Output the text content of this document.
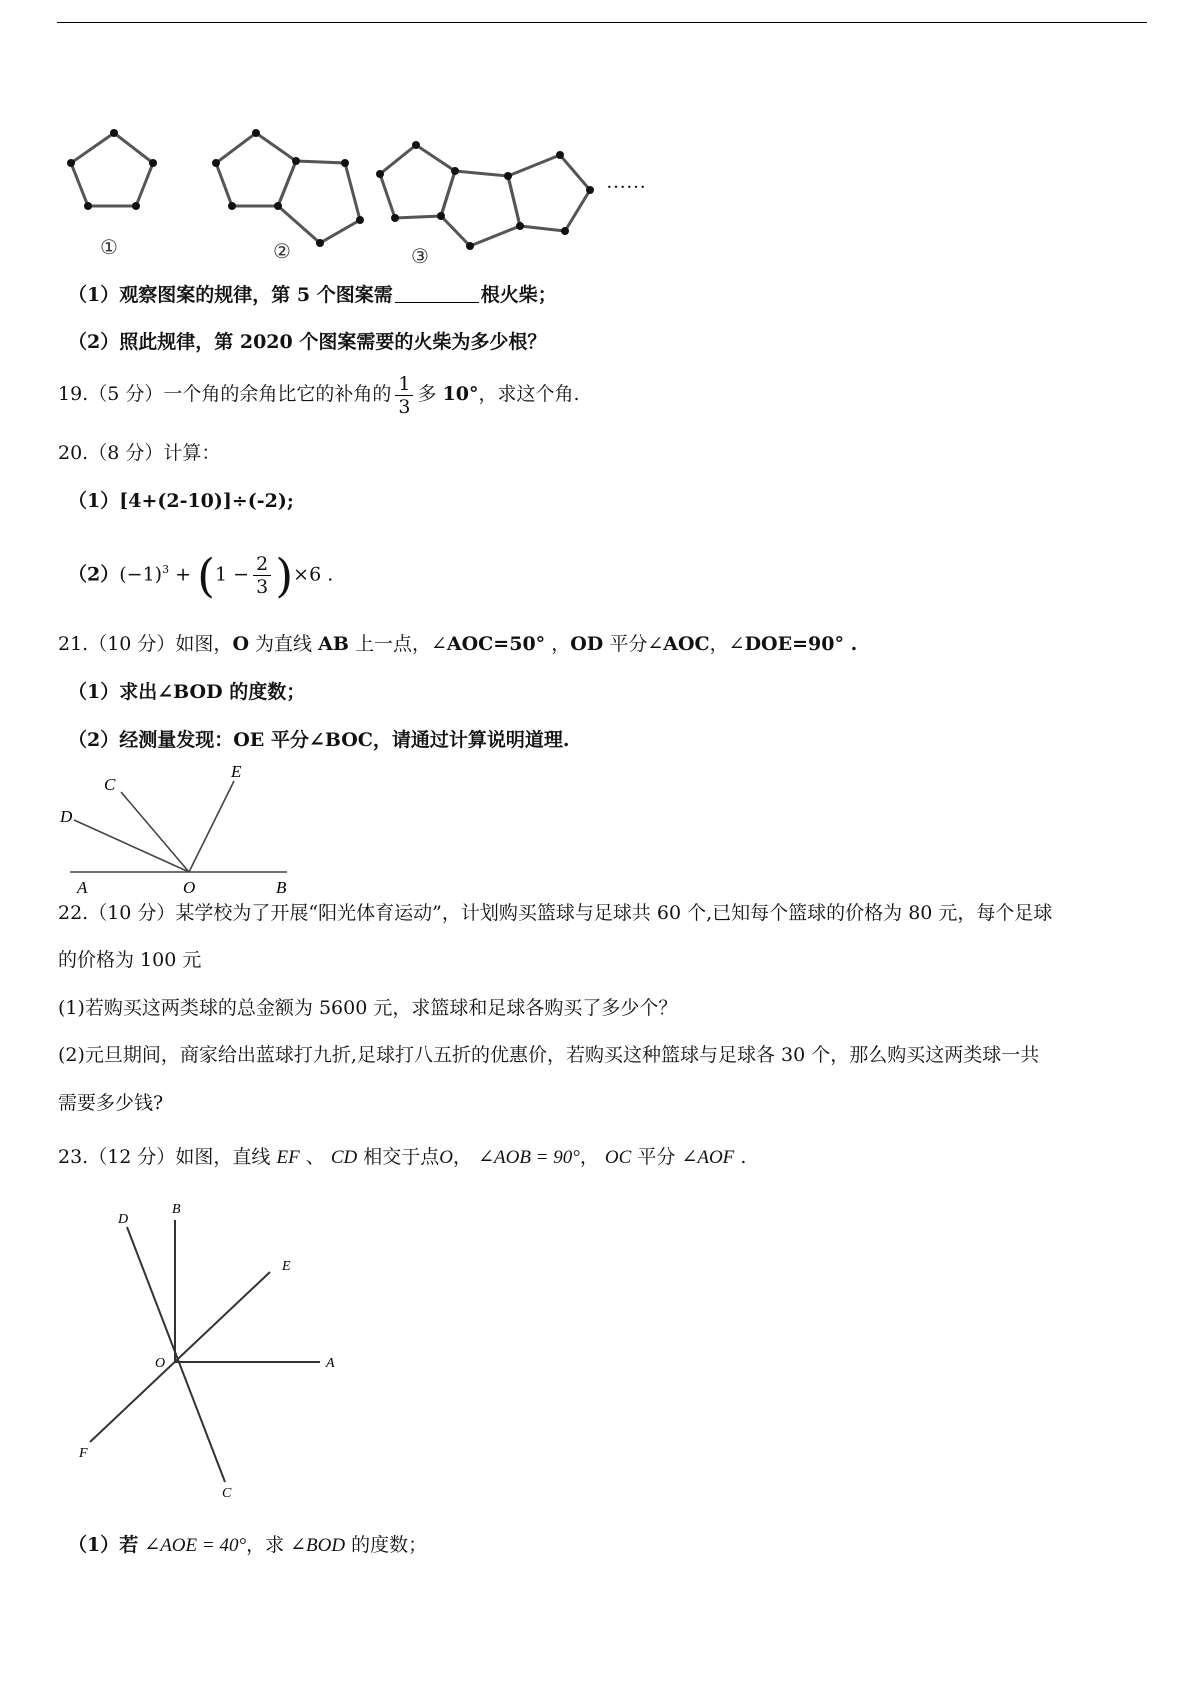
①	②	③
……
（1）观察图案的规律，第 5 个图案需	根火柴；
（2）照此规律，第 2020 个图案需要的火柴为多少根？
19.（5 分）一个角的余角比它的补角的 $\frac{1}{3}$ 多 10°，求这个角.
20.（8 分）计算：
（1）[4+(2-10)]÷(-2);
$(2)(-1)^3 + (1 - \frac{2}{3} )\times 6$ .
21.（10 分）如图，O 为直线 AB 上一点，∠AOC=50° ，OD 平分∠AOC，∠DOE=90° .
（1）求出∠BOD 的度数；
（2）经测量发现：OE 平分∠BOC，请通过计算说明道理.
C
D
E
A	O	B
22.（10 分）某学校为了开展“阳光体育运动”，计划购买篮球与足球共 60 个,已知每个篮球的价格为 80 元，每个足球
的价格为 100 元
(1)若购买这两类球的总金额为 5600 元，求篮球和足球各购买了多少个？
(2)元旦期间，商家给出蓝球打九折,足球打八五折的优惠价，若购买这种篮球与足球各 30 个，那么购买这两类球一共
需要多少钱?
23.（12 分）如图，直线 EF 、 CD 相交于点O， ∠AOB = 90°， OC 平分 ∠AOF .
B
D
E
O	A
F
C
（1）若 ∠AOE = 40°，求 ∠BOD 的度数；
